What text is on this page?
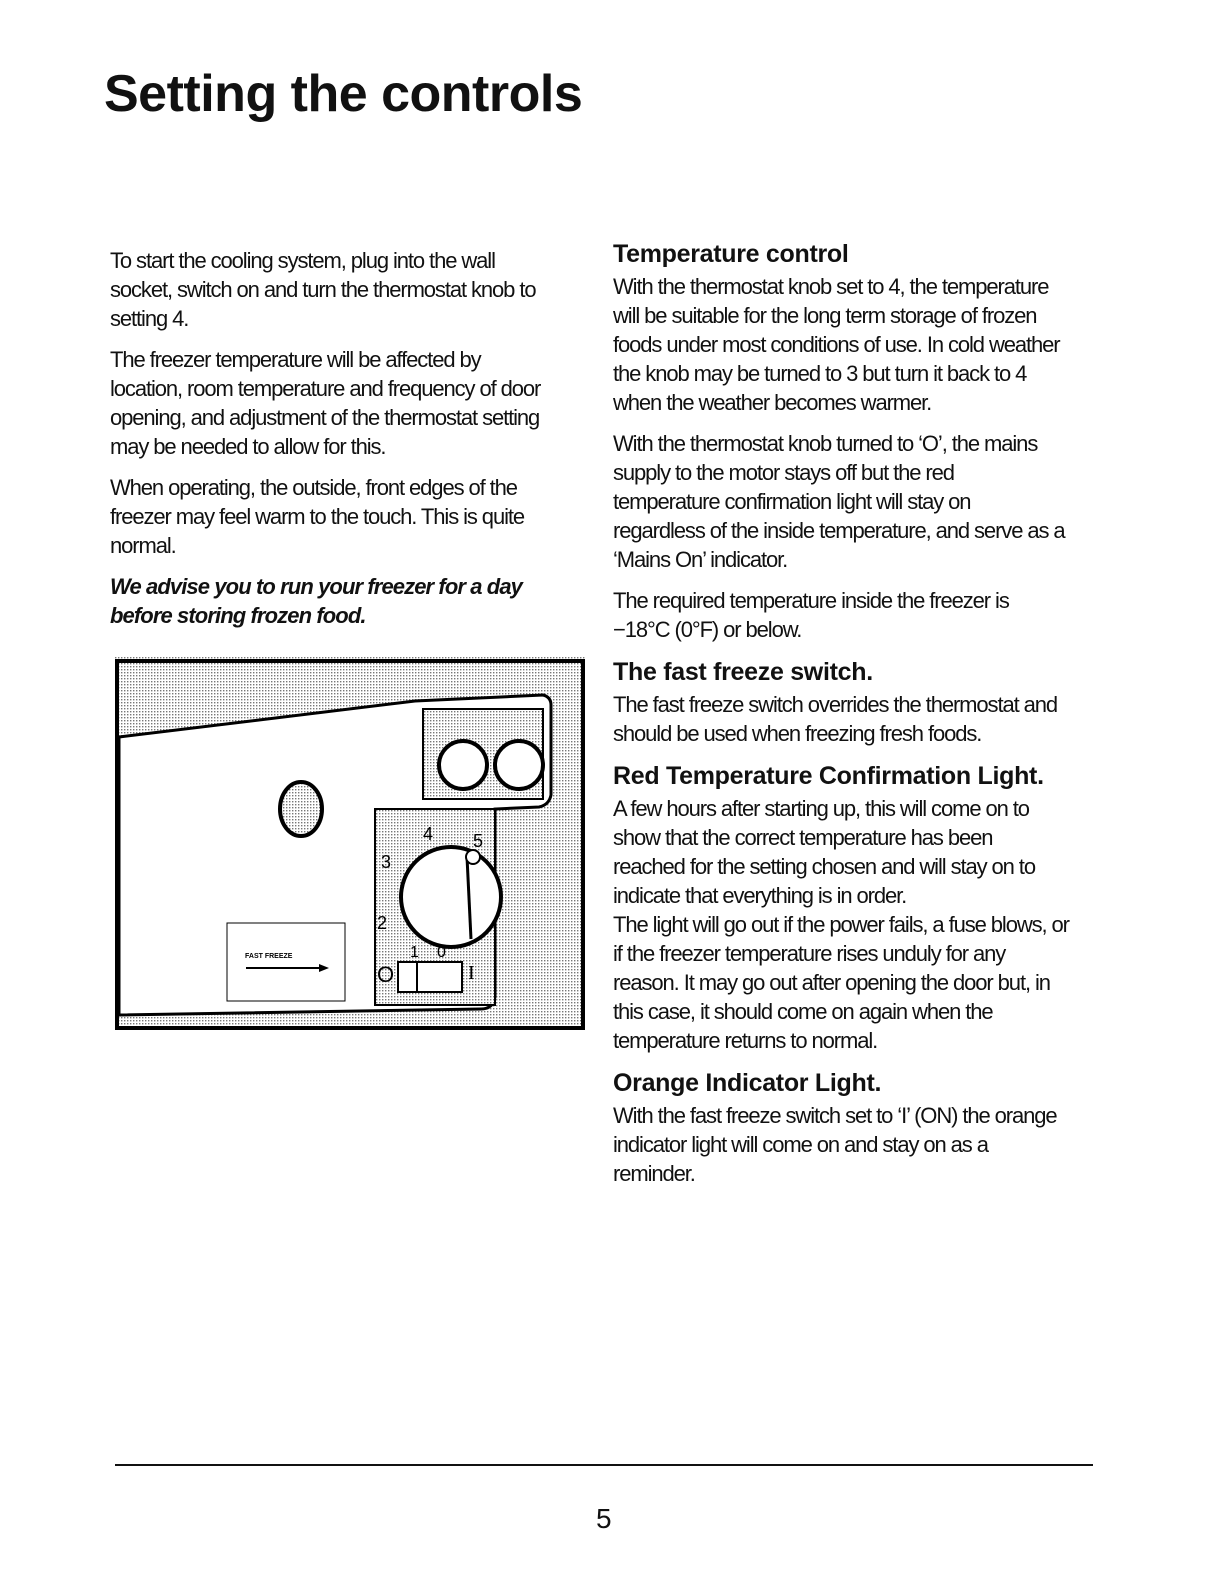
Setting the controls

To start the cooling system, plug into the wall
socket, switch on and turn the thermostat knob to
setting 4.

The freezer temperature will be affected by
location, room temperature and frequency of door
opening, and adjustment of the thermostat setting
may be needed to allow for this.

When operating, the outside, front edges of the
freezer may feel warm to the touch. This is quite
normal.

We advise you to run your freezer for a day
before storing frozen food.

4
3
5
2
1 0
O	I
FAST FREEZE
Temperature control

With the thermostat knob set to 4, the temperature
will be suitable for the long term storage of frozen
foods under most conditions of use. In cold weather
the knob may be turned to 3 but turn it back to 4
when the weather becomes warmer.

With the thermostat knob turned to ‘O’, the mains
supply to the motor stays off but the red
temperature confirmation light will stay on
regardless of the inside temperature, and serve as a
‘Mains On’ indicator.

The required temperature inside the freezer is
−18°C (0°F) or below.

The fast freeze switch.

The fast freeze switch overrides the thermostat and
should be used when freezing fresh foods.

Red Temperature Confirmation Light.

A few hours after starting up, this will come on to
show that the correct temperature has been
reached for the setting chosen and will stay on to
indicate that everything is in order.

The light will go out if the power fails, a fuse blows, or
if the freezer temperature rises unduly for any
reason. It may go out after opening the door but, in
this case, it should come on again when the
temperature returns to normal.

Orange Indicator Light.

With the fast freeze switch set to ‘I’ (ON) the orange
indicator light will come on and stay on as a
reminder.

5
